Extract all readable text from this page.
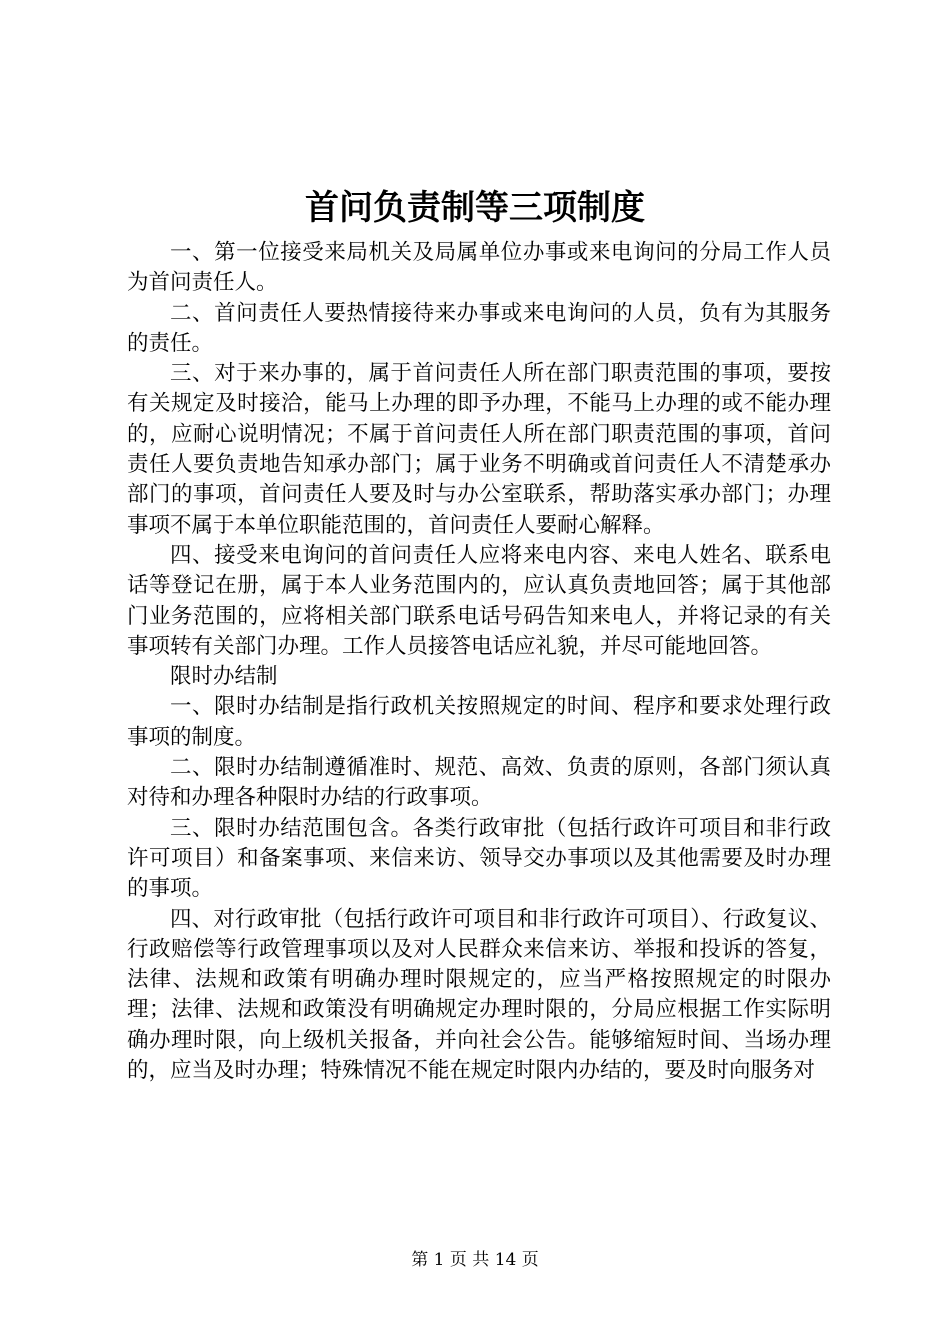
首问负责制等三项制度

一、第一位接受来局机关及局属单位办事或来电询问的分局工作人员为首问责任人。

二、首问责任人要热情接待来办事或来电询问的人员，负有为其服务的责任。

三、对于来办事的，属于首问责任人所在部门职责范围的事项，要按有关规定及时接洽，能马上办理的即予办理，不能马上办理的或不能办理的，应耐心说明情况；不属于首问责任人所在部门职责范围的事项，首问责任人要负责地告知承办部门；属于业务不明确或首问责任人不清楚承办部门的事项，首问责任人要及时与办公室联系，帮助落实承办部门；办理事项不属于本单位职能范围的，首问责任人要耐心解释。

四、接受来电询问的首问责任人应将来电内容、来电人姓名、联系电话等登记在册，属于本人业务范围内的，应认真负责地回答；属于其他部门业务范围的，应将相关部门联系电话号码告知来电人，并将记录的有关事项转有关部门办理。工作人员接答电话应礼貌，并尽可能地回答。

限时办结制

一、限时办结制是指行政机关按照规定的时间、程序和要求处理行政事项的制度。

二、限时办结制遵循准时、规范、高效、负责的原则，各部门须认真对待和办理各种限时办结的行政事项。

三、限时办结范围包含。各类行政审批（包括行政许可项目和非行政许可项目）和备案事项、来信来访、领导交办事项以及其他需要及时办理的事项。

四、对行政审批（包括行政许可项目和非行政许可项目）、行政复议、行政赔偿等行政管理事项以及对人民群众来信来访、举报和投诉的答复，法律、法规和政策有明确办理时限规定的，应当严格按照规定的时限办理；法律、法规和政策没有明确规定办理时限的，分局应根据工作实际明确办理时限，向上级机关报备，并向社会公告。能够缩短时间、当场办理的，应当及时办理；特殊情况不能在规定时限内办结的，要及时向服务对

第 1 页 共 14 页
